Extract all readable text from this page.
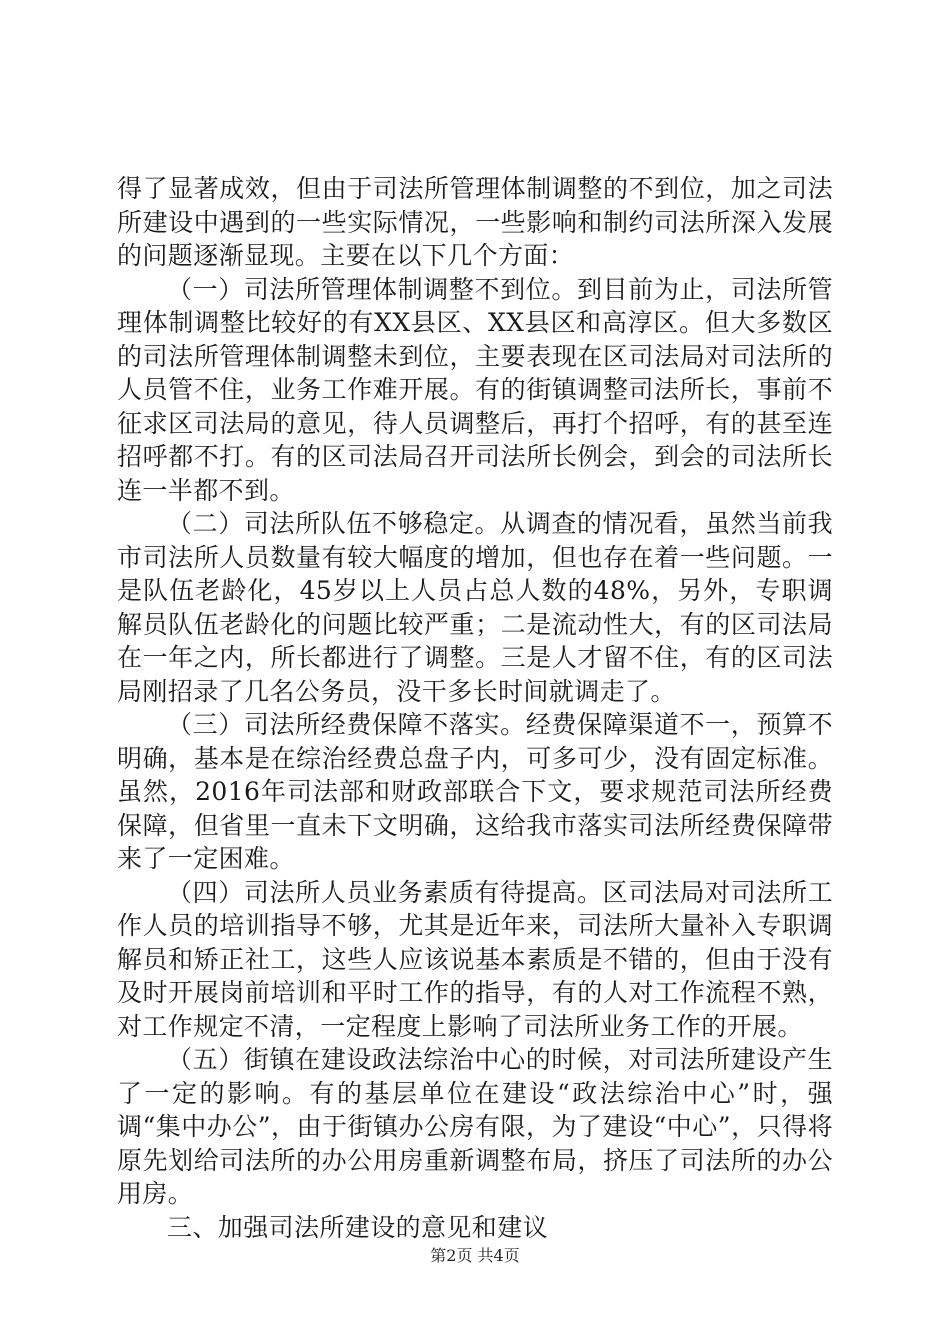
得了显著成效，但由于司法所管理体制调整的不到位，加之司法所建设中遇到的一些实际情况，一些影响和制约司法所深入发展的问题逐渐显现。主要在以下几个方面：

（一）司法所管理体制调整不到位。到目前为止，司法所管理体制调整比较好的有XX县区、XX县区和高淳区。但大多数区的司法所管理体制调整未到位，主要表现在区司法局对司法所的人员管不住，业务工作难开展。有的街镇调整司法所长，事前不征求区司法局的意见，待人员调整后，再打个招呼，有的甚至连招呼都不打。有的区司法局召开司法所长例会，到会的司法所长连一半都不到。

（二）司法所队伍不够稳定。从调查的情况看，虽然当前我市司法所人员数量有较大幅度的增加，但也存在着一些问题。一是队伍老龄化，45岁以上人员占总人数的48%，另外，专职调解员队伍老龄化的问题比较严重；二是流动性大，有的区司法局在一年之内，所长都进行了调整。三是人才留不住，有的区司法局刚招录了几名公务员，没干多长时间就调走了。

（三）司法所经费保障不落实。经费保障渠道不一，预算不明确，基本是在综治经费总盘子内，可多可少，没有固定标准。虽然，2016年司法部和财政部联合下文，要求规范司法所经费保障，但省里一直未下文明确，这给我市落实司法所经费保障带来了一定困难。

（四）司法所人员业务素质有待提高。区司法局对司法所工作人员的培训指导不够，尤其是近年来，司法所大量补入专职调解员和矫正社工，这些人应该说基本素质是不错的，但由于没有及时开展岗前培训和平时工作的指导，有的人对工作流程不熟，对工作规定不清，一定程度上影响了司法所业务工作的开展。

（五）街镇在建设政法综治中心的时候，对司法所建设产生了一定的影响。有的基层单位在建设“政法综治中心”时，强调“集中办公”，由于街镇办公房有限，为了建设“中心”，只得将原先划给司法所的办公用房重新调整布局，挤压了司法所的办公用房。

三、加强司法所建设的意见和建议

第2页 共4页
